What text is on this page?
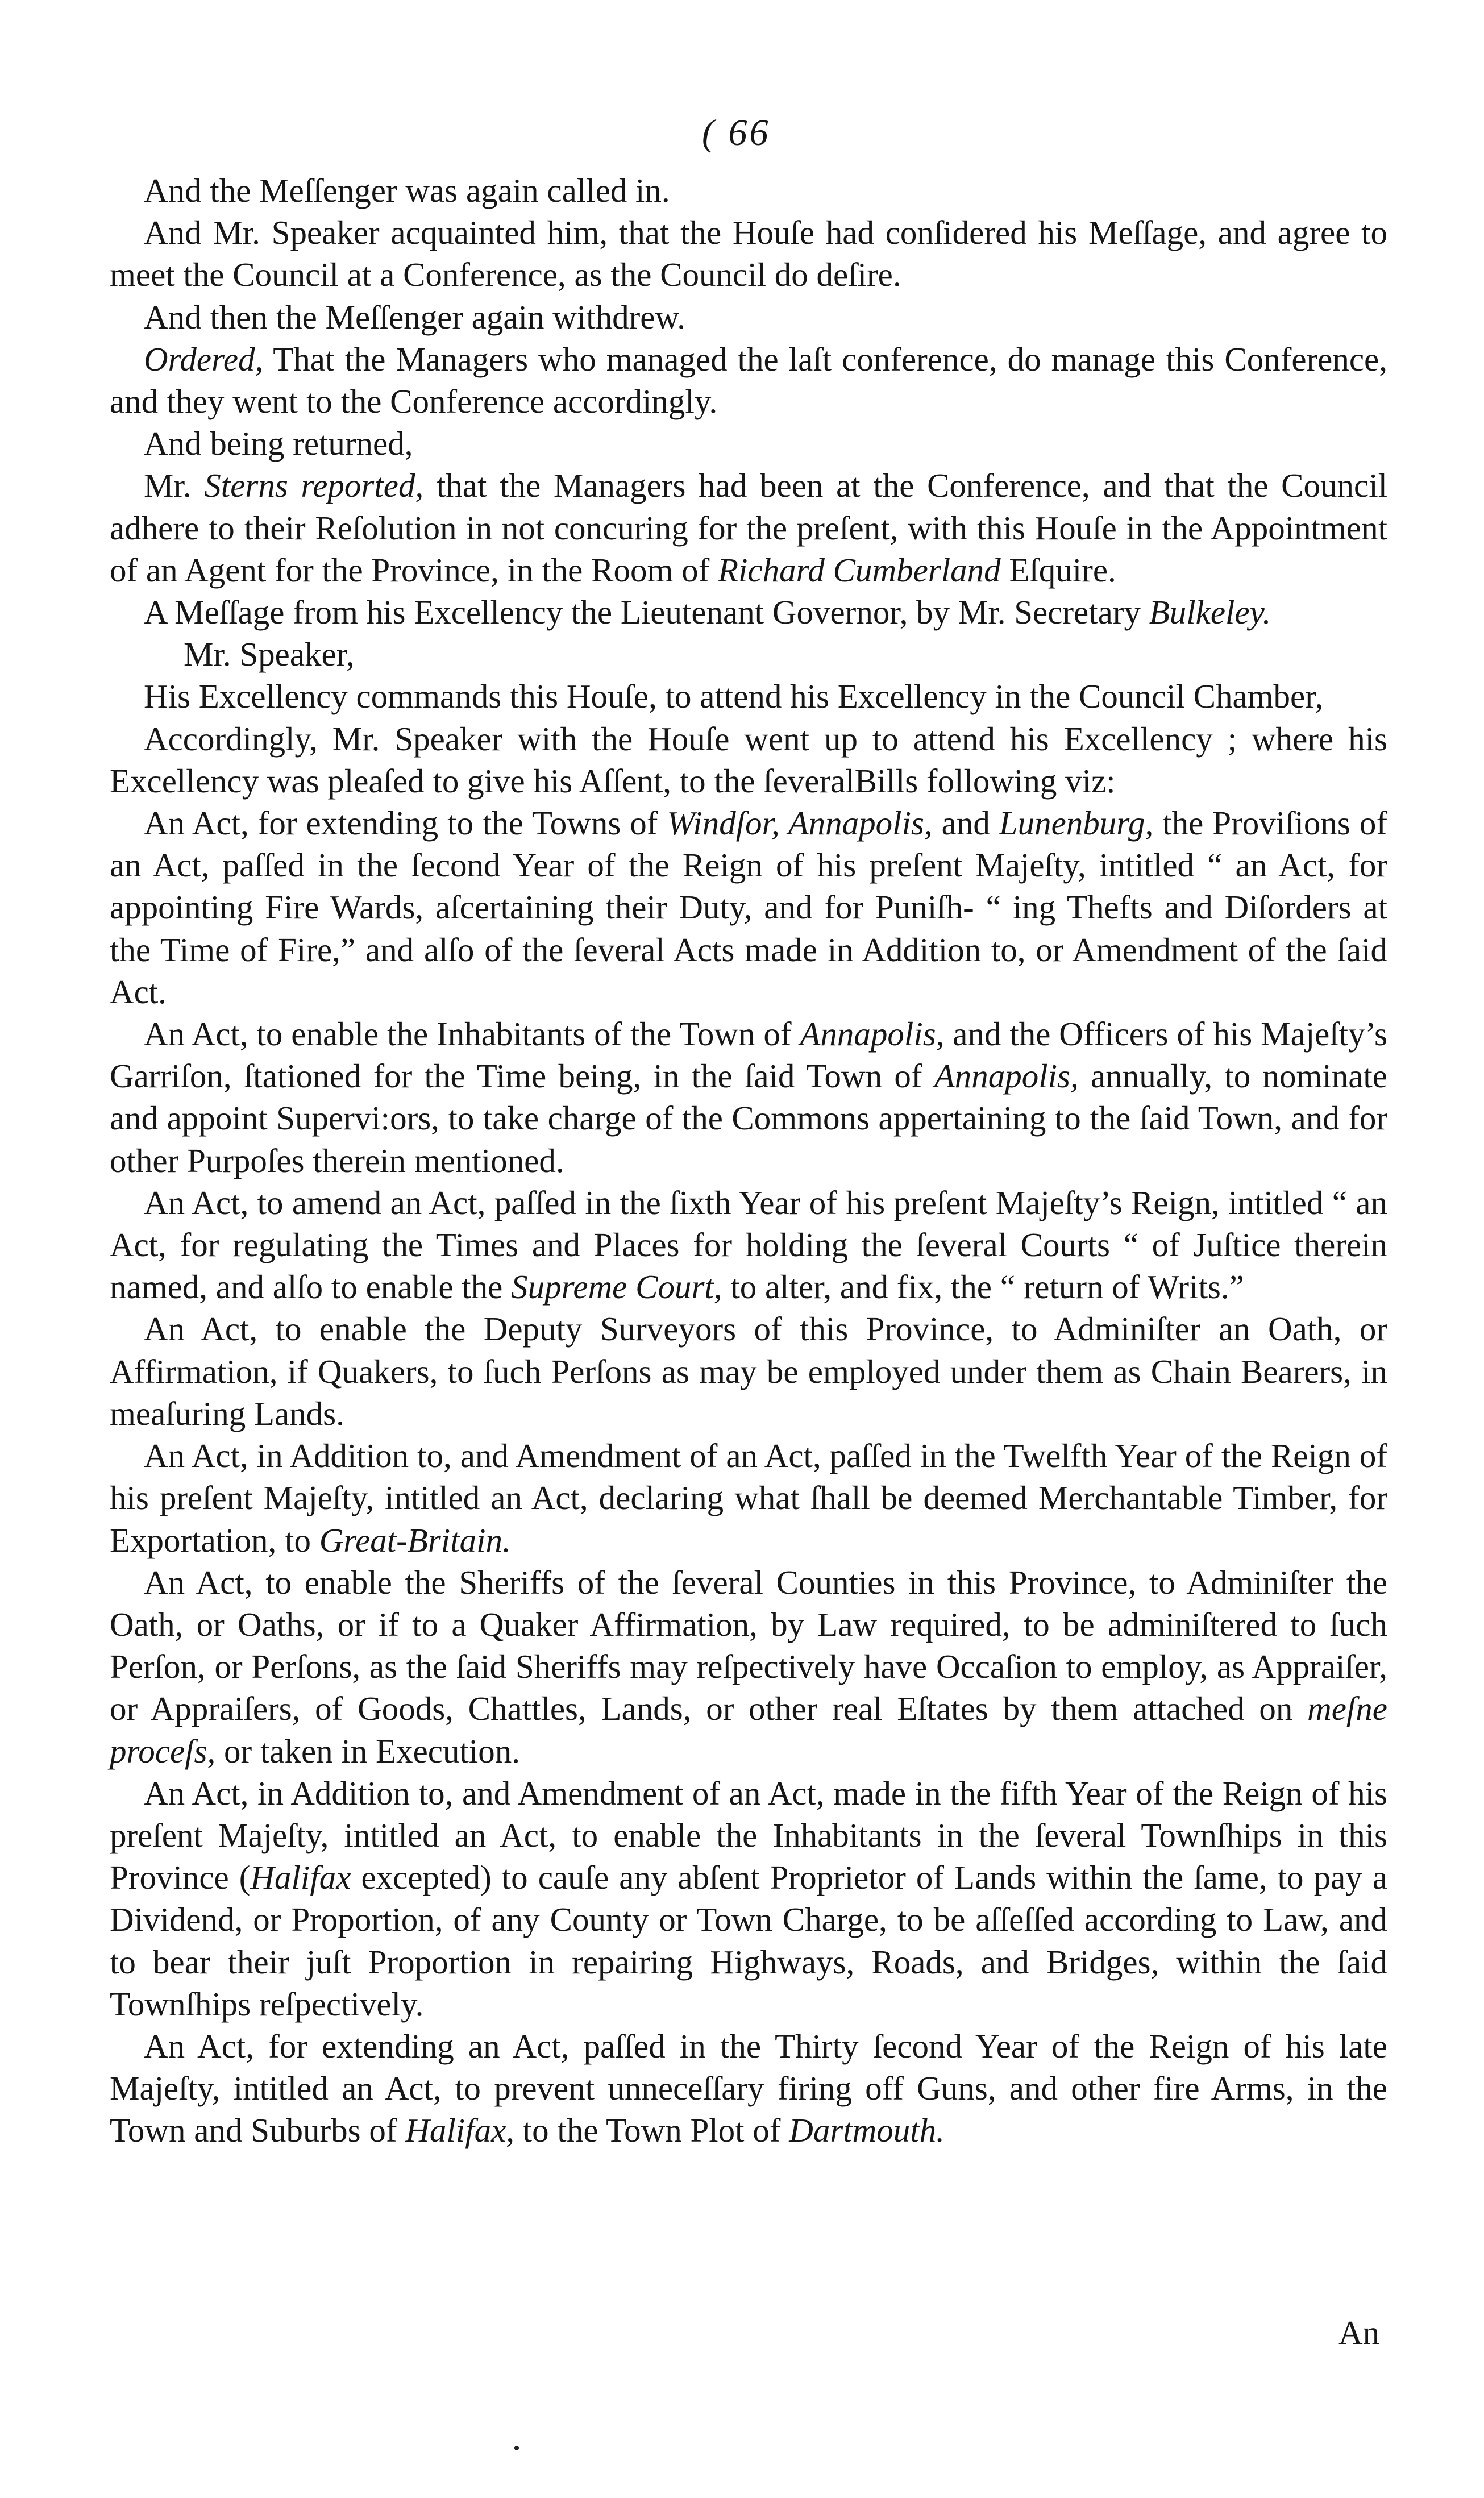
( 66

And the Meſſenger was again called in.

And Mr. Speaker acquainted him, that the Houſe had conſidered his Meſſage, and agree to meet the Council at a Conference, as the Council do deſire.

And then the Meſſenger again withdrew.

Ordered, That the Managers who managed the laſt conference, do manage this Conference, and they went to the Conference accordingly.

And being returned,

Mr. Sterns reported, that the Managers had been at the Conference, and that the Council adhere to their Reſolution in not concuring for the preſent, with this Houſe in the Appointment of an Agent for the Province, in the Room of Richard Cumberland Eſquire.

A Meſſage from his Excellency the Lieutenant Governor, by Mr. Secretary Bulkeley.

Mr. Speaker,

His Excellency commands this Houſe, to attend his Excellency in the Council Chamber,

Accordingly, Mr. Speaker with the Houſe went up to attend his Excellency ; where his Excellency was pleaſed to give his Aſſent, to the ſeveralBills following viz:

An Act, for extending to the Towns of Windſor, Annapolis, and Lunenburg, the Proviſions of an Act, paſſed in the ſecond Year of the Reign of his preſent Majeſty, intitled “ an Act, for appointing Fire Wards, aſcertaining their Duty, and for Puniſh- “ ing Thefts and Diſorders at the Time of Fire,” and alſo of the ſeveral Acts made in Addition to, or Amendment of the ſaid Act.

An Act, to enable the Inhabitants of the Town of Annapolis, and the Officers of his Majeſty’s Garriſon, ſtationed for the Time being, in the ſaid Town of Annapolis, annually, to nominate and appoint Supervi:ors, to take charge of the Commons appertaining to the ſaid Town, and for other Purpoſes therein mentioned.

An Act, to amend an Act, paſſed in the ſixth Year of his preſent Majeſty’s Reign, intitled “ an Act, for regulating the Times and Places for holding the ſeveral Courts “ of Juſtice therein named, and alſo to enable the Supreme Court, to alter, and fix, the “ return of Writs.”

An Act, to enable the Deputy Surveyors of this Province, to Adminiſter an Oath, or Affirmation, if Quakers, to ſuch Perſons as may be employed under them as Chain Bearers, in meaſuring Lands.

An Act, in Addition to, and Amendment of an Act, paſſed in the Twelfth Year of the Reign of his preſent Majeſty, intitled an Act, declaring what ſhall be deemed Merchantable Timber, for Exportation, to Great-Britain.

An Act, to enable the Sheriffs of the ſeveral Counties in this Province, to Adminiſter the Oath, or Oaths, or if to a Quaker Affirmation, by Law required, to be adminiſtered to ſuch Perſon, or Perſons, as the ſaid Sheriffs may reſpectively have Occaſion to employ, as Appraiſer, or Appraiſers, of Goods, Chattles, Lands, or other real Eſtates by them attached on meſne proceſs, or taken in Execution.

An Act, in Addition to, and Amendment of an Act, made in the fifth Year of the Reign of his preſent Majeſty, intitled an Act, to enable the Inhabitants in the ſeveral Townſhips in this Province (Halifax excepted) to cauſe any abſent Proprietor of Lands within the ſame, to pay a Dividend, or Proportion, of any County or Town Charge, to be aſſeſſed according to Law, and to bear their juſt Proportion in repairing Highways, Roads, and Bridges, within the ſaid Townſhips reſpectively.

An Act, for extending an Act, paſſed in the Thirty ſecond Year of the Reign of his late Majeſty, intitled an Act, to prevent unneceſſary firing off Guns, and other fire Arms, in the Town and Suburbs of Halifax, to the Town Plot of Dartmouth.

An
